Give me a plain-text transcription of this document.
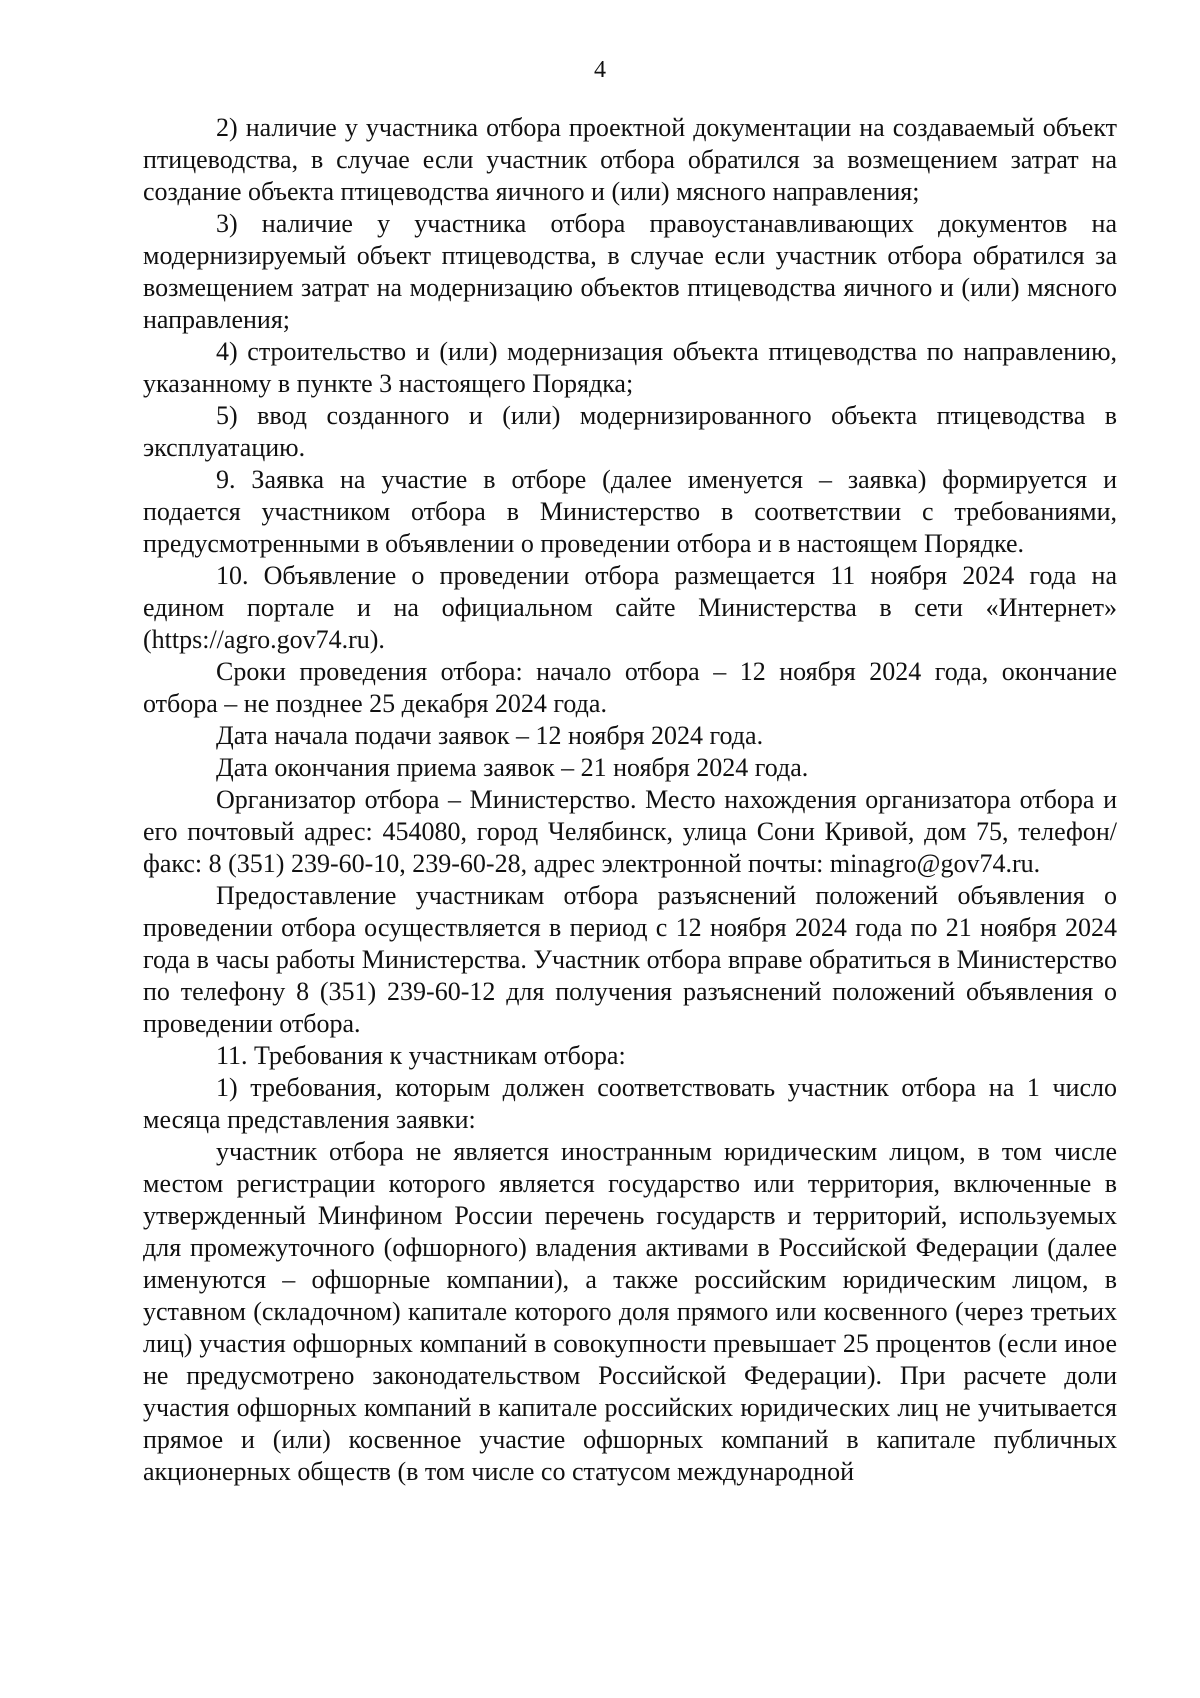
4

2) наличие у участника отбора проектной документации на создаваемый объект птицеводства, в случае если участник отбора обратился за возмещением затрат на создание объекта птицеводства яичного и (или) мясного направления;

3) наличие у участника отбора правоустанавливающих документов на модернизируемый объект птицеводства, в случае если участник отбора обратился за возмещением затрат на модернизацию объектов птицеводства яичного и (или) мясного направления;

4) строительство и (или) модернизация объекта птицеводства по направлению, указанному в пункте 3 настоящего Порядка;

5) ввод созданного и (или) модернизированного объекта птицеводства в эксплуатацию.

9. Заявка на участие в отборе (далее именуется – заявка) формируется и подается участником отбора в Министерство в соответствии с требованиями, предусмотренными в объявлении о проведении отбора и в настоящем Порядке.

10. Объявление о проведении отбора размещается 11 ноября 2024 года на едином портале и на официальном сайте Министерства в сети «Интернет» (https://agro.gov74.ru).

Сроки проведения отбора: начало отбора – 12 ноября 2024 года, окончание отбора – не позднее 25 декабря 2024 года.

Дата начала подачи заявок – 12 ноября 2024 года.

Дата окончания приема заявок – 21 ноября 2024 года.

Организатор отбора – Министерство. Место нахождения организатора отбора и его почтовый адрес: 454080, город Челябинск, улица Сони Кривой, дом 75, телефон/факс: 8 (351) 239-60-10, 239-60-28, адрес электронной почты: minagro@gov74.ru.

Предоставление участникам отбора разъяснений положений объявления о проведении отбора осуществляется в период с 12 ноября 2024 года по 21 ноября 2024 года в часы работы Министерства. Участник отбора вправе обратиться в Министерство по телефону 8 (351) 239-60-12 для получения разъяснений положений объявления о проведении отбора.

11. Требования к участникам отбора:

1) требования, которым должен соответствовать участник отбора на 1 число месяца представления заявки:

участник отбора не является иностранным юридическим лицом, в том числе местом регистрации которого является государство или территория, включенные в утвержденный Минфином России перечень государств и территорий, используемых для промежуточного (офшорного) владения активами в Российской Федерации (далее именуются – офшорные компании), а также российским юридическим лицом, в уставном (складочном) капитале которого доля прямого или косвенного (через третьих лиц) участия офшорных компаний в совокупности превышает 25 процентов (если иное не предусмотрено законодательством Российской Федерации). При расчете доли участия офшорных компаний в капитале российских юридических лиц не учитывается прямое и (или) косвенное участие офшорных компаний в капитале публичных акционерных обществ (в том числе со статусом международной
